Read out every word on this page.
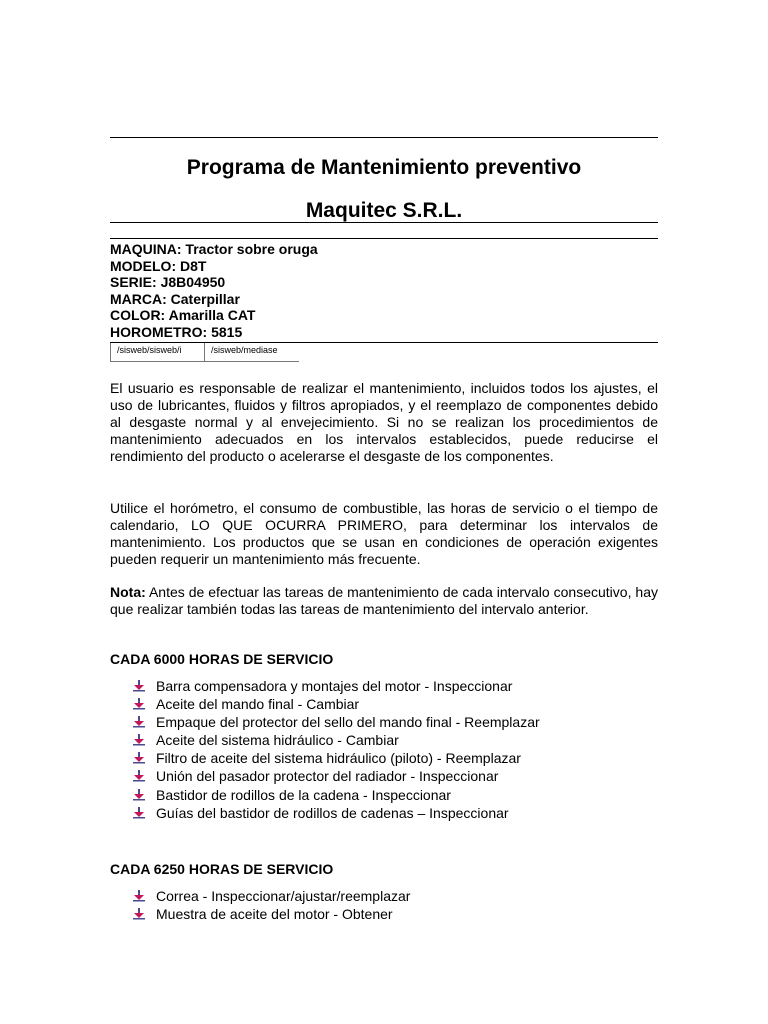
Programa de Mantenimiento preventivo
Maquitec S.R.L.
MAQUINA: Tractor sobre oruga
MODELO: D8T
SERIE: J8B04950
MARCA: Caterpillar
COLOR: Amarilla CAT
HOROMETRO: 5815
/sisweb/sisweb/i	/sisweb/mediase
El usuario es responsable de realizar el mantenimiento, incluidos todos los ajustes, el uso de lubricantes, fluidos y filtros apropiados, y el reemplazo de componentes debido al desgaste normal y al envejecimiento. Si no se realizan los procedimientos de mantenimiento adecuados en los intervalos establecidos, puede reducirse el rendimiento del producto o acelerarse el desgaste de los componentes.
Utilice el horómetro, el consumo de combustible, las horas de servicio o el tiempo de calendario, LO QUE OCURRA PRIMERO, para determinar los intervalos de mantenimiento. Los productos que se usan en condiciones de operación exigentes pueden requerir un mantenimiento más frecuente.
Nota: Antes de efectuar las tareas de mantenimiento de cada intervalo consecutivo, hay que realizar también todas las tareas de mantenimiento del intervalo anterior.
CADA 6000 HORAS DE SERVICIO
Barra compensadora y montajes del motor - Inspeccionar
Aceite del mando final - Cambiar
Empaque del protector del sello del mando final - Reemplazar
Aceite del sistema hidráulico - Cambiar
Filtro de aceite del sistema hidráulico (piloto) - Reemplazar
Unión del pasador protector del radiador - Inspeccionar
Bastidor de rodillos de la cadena - Inspeccionar
Guías del bastidor de rodillos de cadenas – Inspeccionar
CADA 6250 HORAS DE SERVICIO
Correa - Inspeccionar/ajustar/reemplazar
Muestra de aceite del motor - Obtener
